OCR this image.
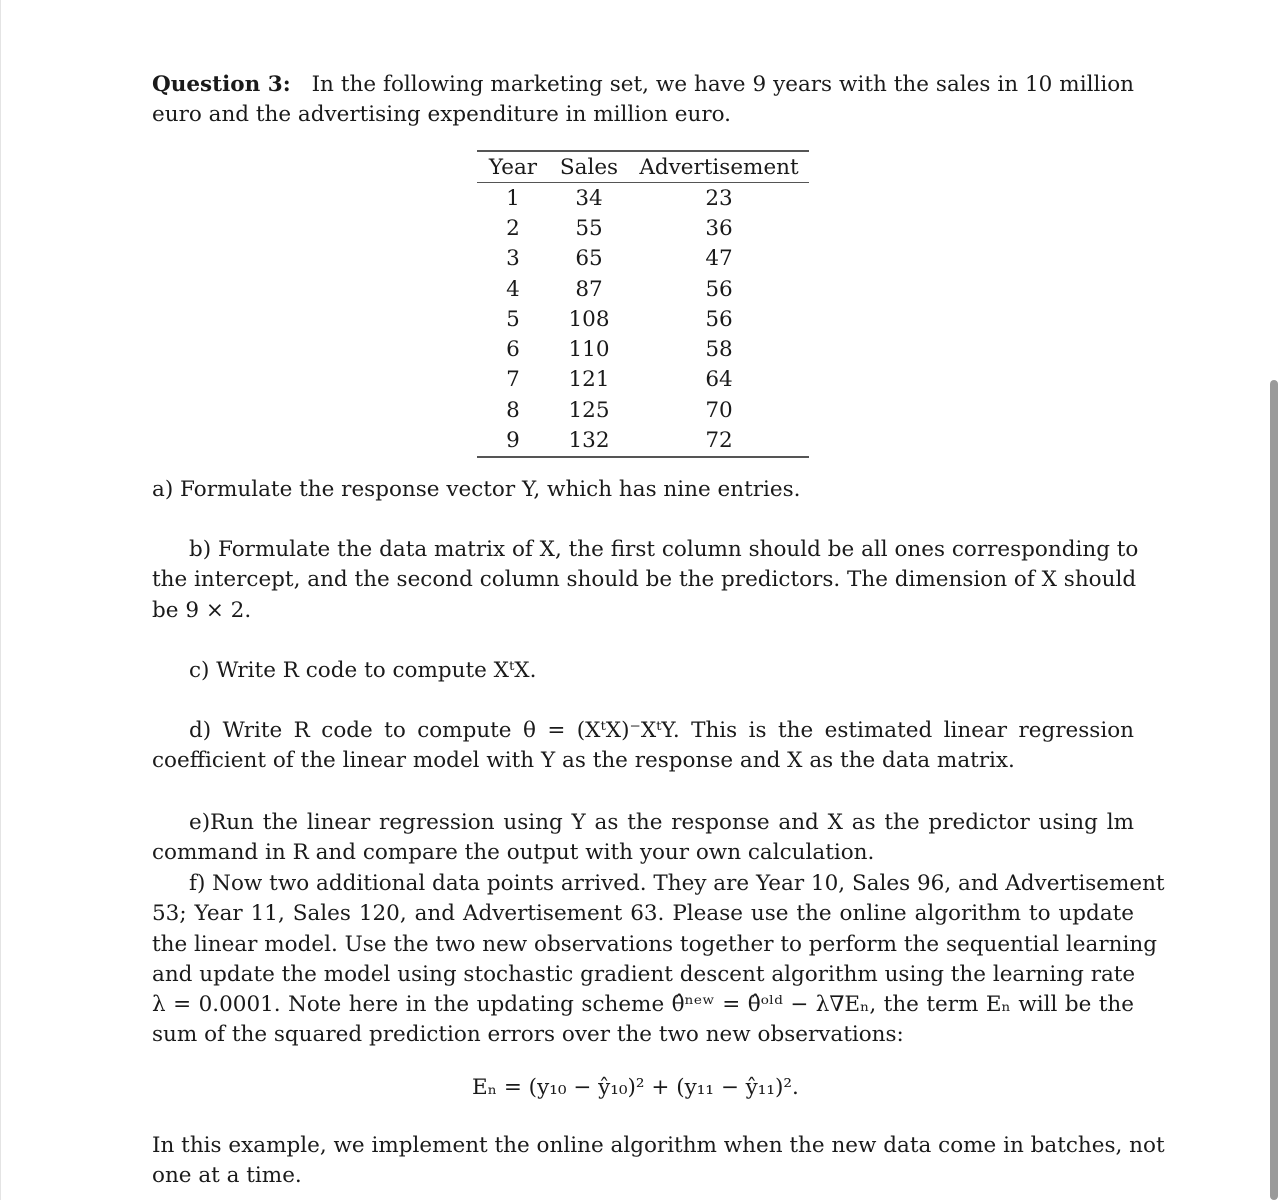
Question 3: In the following marketing set, we have 9 years with the sales in 10 million
euro and the advertising expenditure in million euro.
Year	Sales	Advertisement
1	34	23
2	55	36
3	65	47
4	87	56
5	108	56
6	110	58
7	121	64
8	125	70
9	132	72
a) Formulate the response vector Y, which has nine entries.
b) Formulate the data matrix of X, the first column should be all ones corresponding to
the intercept, and the second column should be the predictors. The dimension of X should
be 9 × 2.
c) Write R code to compute XᵗX.
d) Write R code to compute θ = (XᵗX)⁻XᵗY. This is the estimated linear regression
coefficient of the linear model with Y as the response and X as the data matrix.
e)Run the linear regression using Y as the response and X as the predictor using lm
command in R and compare the output with your own calculation.
f) Now two additional data points arrived. They are Year 10, Sales 96, and Advertisement
53; Year 11, Sales 120, and Advertisement 63. Please use the online algorithm to update
the linear model. Use the two new observations together to perform the sequential learning
and update the model using stochastic gradient descent algorithm using the learning rate
λ = 0.0001. Note here in the updating scheme θ̂ⁿᵉʷ = θ̂ᵒˡᵈ − λ∇Eₙ, the term Eₙ will be the
sum of the squared prediction errors over the two new observations:
Eₙ = (y₁₀ − ŷ₁₀)² + (y₁₁ − ŷ₁₁)².
In this example, we implement the online algorithm when the new data come in batches, not
one at a time.
